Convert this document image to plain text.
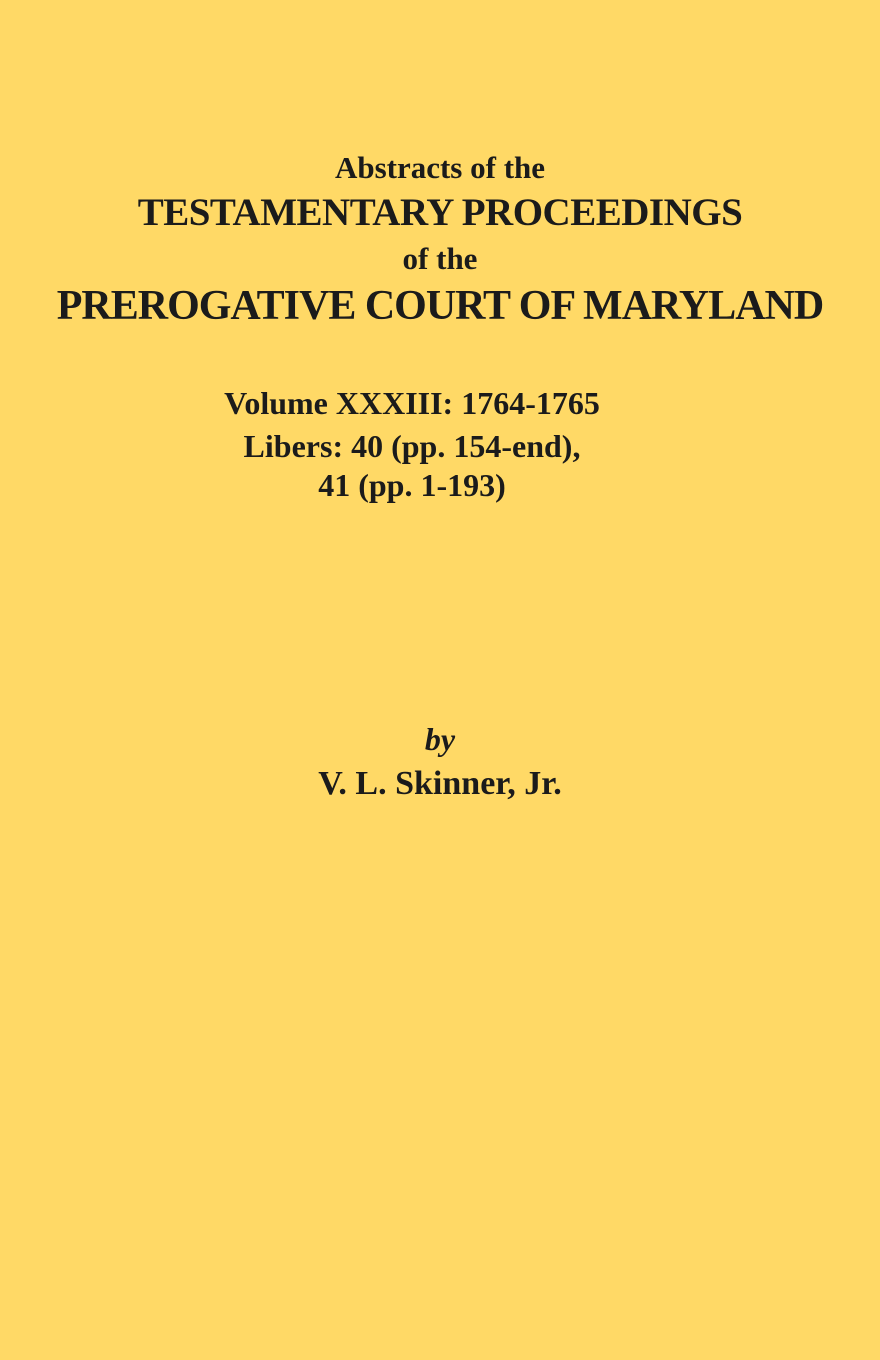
Abstracts of the
TESTAMENTARY PROCEEDINGS
of the
PREROGATIVE COURT OF MARYLAND
Volume XXXIII: 1764-1765
Libers: 40 (pp. 154-end),
41 (pp. 1-193)
by
V. L. Skinner, Jr.
